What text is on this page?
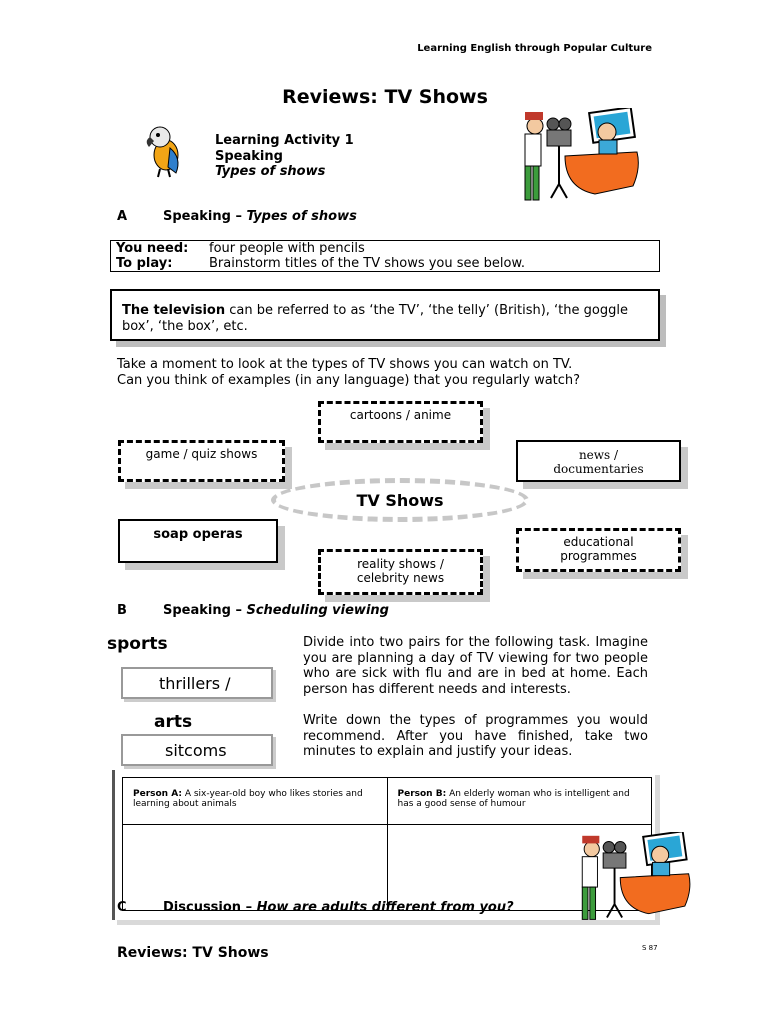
Learning English through Popular Culture
Reviews: TV Shows
Learning Activity 1
Speaking
Types of shows
A	Speaking – Types of shows
You need: four people with pencils
To play:	Brainstorm titles of the TV shows you see below.
The television can be referred to as ‘the TV’, ‘the telly’ (British), ‘the goggle box’, ‘the box’, etc.
Take a moment to look at the types of TV shows you can watch on TV.
Can you think of examples (in any language) that you regularly watch?
cartoons / anime
game / quiz shows	news /
documentaries
TV Shows
soap operas	educational
programmes
reality shows /
celebrity news
B	Speaking – Scheduling viewing
sports
thrillers /
arts
sitcoms
Divide into two pairs for the following task. Imagine you are planning a day of TV viewing for two people who are sick with flu and are in bed at home. Each person has different needs and interests.
Write down the types of programmes you would recommend. After you have finished, take two minutes to explain and justify your ideas.
Person A: A six-year-old boy who likes stories and learning about animals	Person B: An elderly woman who is intelligent and has a good sense of humour

C	Discussion – How are adults different from you?
Reviews: TV Shows	S 87
